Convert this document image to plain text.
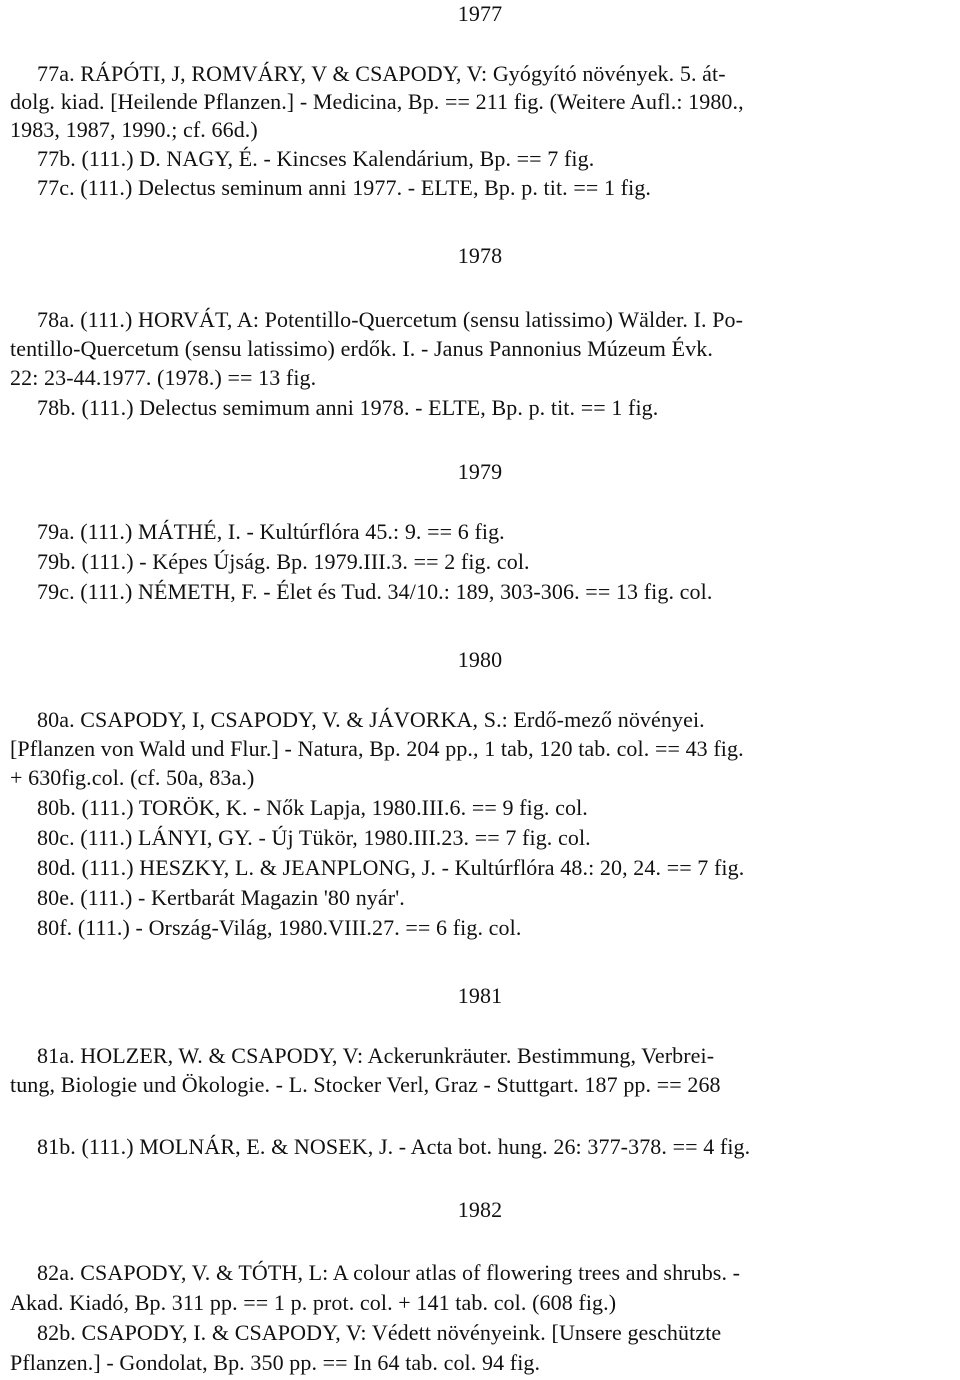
1977
77a. RÁPÓTI, J, ROMVÁRY, V & CSAPODY, V: Gyógyító növények. 5. át-
dolg. kiad. [Heilende Pflanzen.] - Medicina, Bp. == 211 fig. (Weitere Aufl.: 1980.,
1983, 1987, 1990.; cf. 66d.)
77b. (111.) D. NAGY, É. - Kincses Kalendárium, Bp. == 7 fig.
77c. (111.) Delectus seminum anni 1977. - ELTE, Bp. p. tit. == 1 fig.
1978
78a. (111.) HORVÁT, A: Potentillo-Quercetum (sensu latissimo) Wälder. I. Po-
tentillo-Quercetum (sensu latissimo) erdők. I. - Janus Pannonius Múzeum Évk.
22: 23-44.1977. (1978.) == 13 fig.
78b. (111.) Delectus semimum anni 1978. - ELTE, Bp. p. tit. == 1 fig.
1979
79a. (111.) MÁTHÉ, I. - Kultúrflóra 45.: 9. == 6 fig.
79b. (111.) - Képes Újság. Bp. 1979.III.3. == 2 fig. col.
79c. (111.) NÉMETH, F. - Élet és Tud. 34/10.: 189, 303-306. == 13 fig. col.
1980
80a. CSAPODY, I, CSAPODY, V. & JÁVORKA, S.: Erdő-mező növényei.
[Pflanzen von Wald und Flur.] - Natura, Bp. 204 pp., 1 tab, 120 tab. col. == 43 fig.
+ 630fig.col. (cf. 50a, 83a.)
80b. (111.) TORÖK, K. - Nők Lapja, 1980.III.6. == 9 fig. col.
80c. (111.) LÁNYI, GY. - Új Tükör, 1980.III.23. == 7 fig. col.
80d. (111.) HESZKY, L. & JEANPLONG, J. - Kultúrflóra 48.: 20, 24. == 7 fig.
80e. (111.) - Kertbarát Magazin '80 nyár'.
80f. (111.) - Ország-Világ, 1980.VIII.27. == 6 fig. col.
1981
81a. HOLZER, W. & CSAPODY, V: Ackerunkräuter. Bestimmung, Verbrei-
tung, Biologie und Ökologie. - L. Stocker Verl, Graz - Stuttgart. 187 pp. == 268
81b. (111.) MOLNÁR, E. & NOSEK, J. - Acta bot. hung. 26: 377-378. == 4 fig.
1982
82a. CSAPODY, V. & TÓTH, L: A colour atlas of flowering trees and shrubs. -
Akad. Kiadó, Bp. 311 pp. == 1 p. prot. col. + 141 tab. col. (608 fig.)
82b. CSAPODY, I. & CSAPODY, V: Védett növényeink. [Unsere geschützte
Pflanzen.] - Gondolat, Bp. 350 pp. == In 64 tab. col. 94 fig.
